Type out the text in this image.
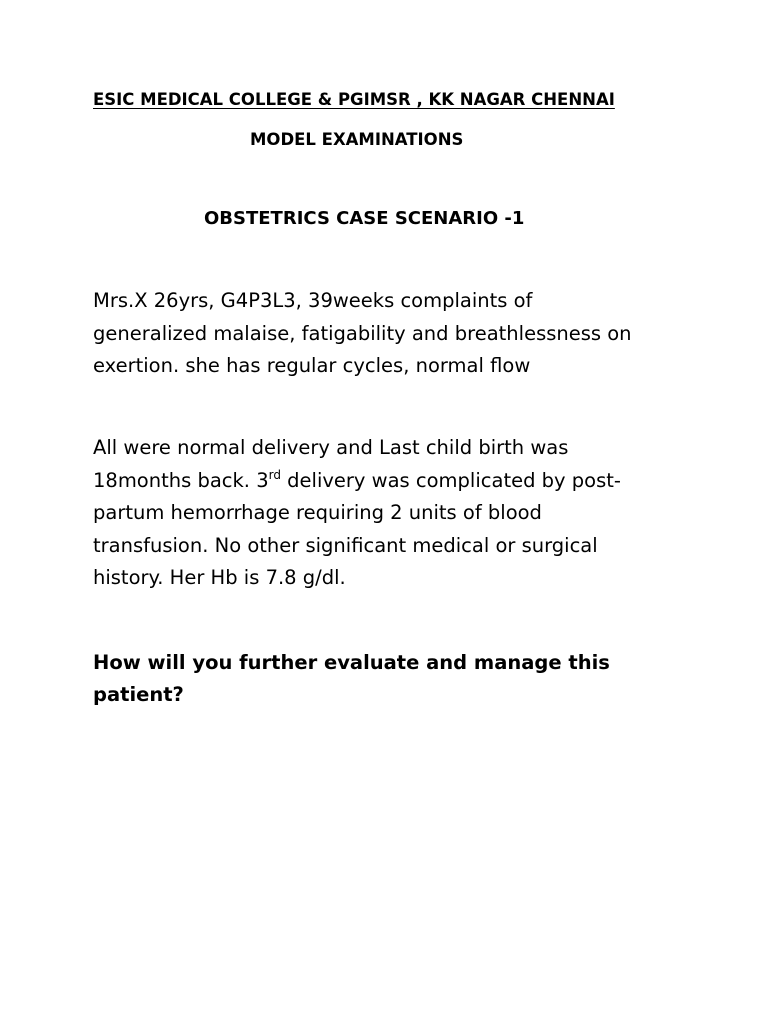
ESIC MEDICAL COLLEGE & PGIMSR , KK NAGAR CHENNAI
MODEL EXAMINATIONS
OBSTETRICS CASE SCENARIO -1
Mrs.X 26yrs, G4P3L3, 39weeks complaints of
generalized malaise, fatigability and breathlessness on
exertion. she has regular cycles, normal flow
All were normal delivery and Last child birth was
18months back. 3rd delivery was complicated by post-
partum hemorrhage requiring 2 units of blood
transfusion. No other significant medical or surgical
history. Her Hb is 7.8 g/dl.
How will you further evaluate and manage this
patient?
